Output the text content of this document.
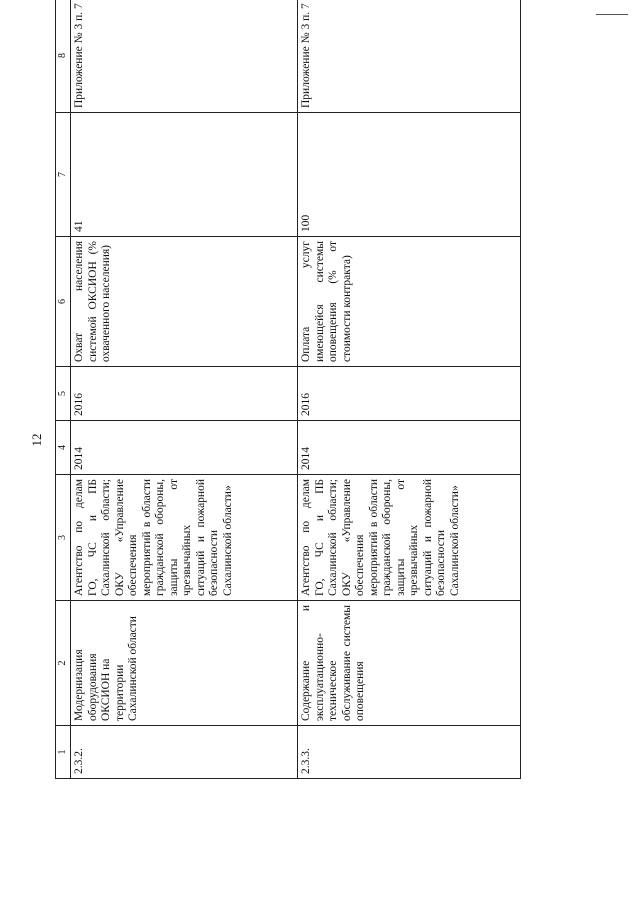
12
1	2	3	4	5	6	7	8
2.3.2.	Модернизация оборудования ОКСИОН на территории Сахалинской области	Агентство по делам ГО, ЧС и ПБ Сахалинской области; ОКУ «Управление обеспечения мероприятий в области гражданской обороны, защиты от чрезвычайных ситуаций и пожарной безопасности Сахалинской области»	2014	2016	Охват населения системой ОКСИОН (% охваченного населения)	41	Приложение № 3 п. 7
2.3.3.	Содержание и эксплуатационно-техническое обслуживание системы оповещения	Агентство по делам ГО, ЧС и ПБ Сахалинской области; ОКУ «Управление обеспечения мероприятий в области гражданской обороны, защиты от чрезвычайных ситуаций и пожарной безопасности Сахалинской области»	2014	2016	Оплата услуг имеющейся системы оповещения (% от стоимости контракта)	100	Приложение № 3 п. 7
